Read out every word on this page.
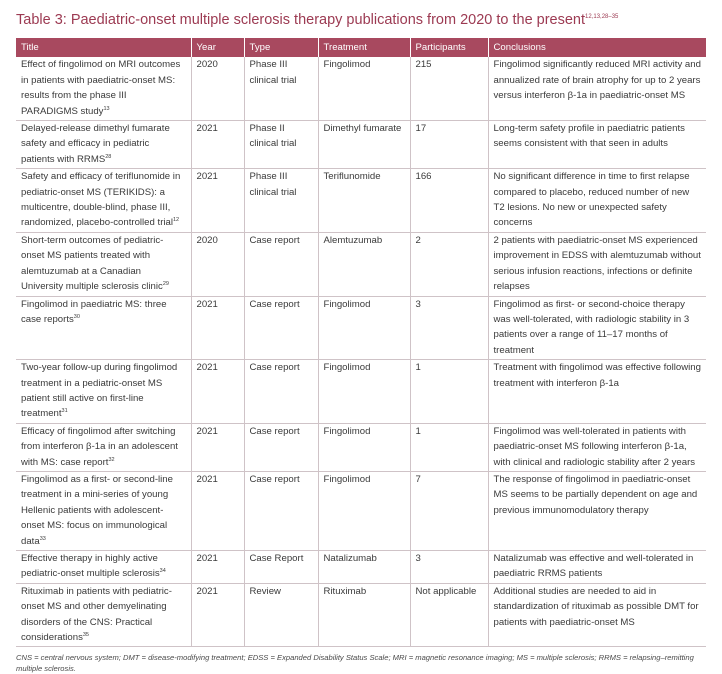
Table 3: Paediatric-onset multiple sclerosis therapy publications from 2020 to the present$^{12,13,28-35}$
Title	Year	Type	Treatment	Participants	Conclusions
Effect of fingolimod on MRI outcomes in patients with paediatric-onset MS: results from the phase III PARADIGMS study$^{13}$	2020	Phase III clinical trial	Fingolimod	215	Fingolimod significantly reduced MRI activity and annualized rate of brain atrophy for up to 2 years versus interferon β-1a in paediatric-onset MS
Delayed-release dimethyl fumarate safety and efficacy in pediatric patients with RRMS$^{28}$	2021	Phase II clinical trial	Dimethyl fumarate	17	Long-term safety profile in paediatric patients seems consistent with that seen in adults
Safety and efficacy of teriflunomide in pediatric-onset MS (TERIKIDS): a multicentre, double-blind, phase III, randomized, placebo-controlled trial$^{12}$	2021	Phase III clinical trial	Teriflunomide	166	No significant difference in time to first relapse compared to placebo, reduced number of new T2 lesions. No new or unexpected safety concerns
Short-term outcomes of pediatric-onset MS patients treated with alemtuzumab at a Canadian University multiple sclerosis clinic$^{29}$	2020	Case report	Alemtuzumab	2	2 patients with paediatric-onset MS experienced improvement in EDSS with alemtuzumab without serious infusion reactions, infections or definite relapses
Fingolimod in paediatric MS: three case reports$^{30}$	2021	Case report	Fingolimod	3	Fingolimod as first- or second-choice therapy was well-tolerated, with radiologic stability in 3 patients over a range of 11–17 months of treatment
Two-year follow-up during fingolimod treatment in a pediatric-onset MS patient still active on first-line treatment$^{31}$	2021	Case report	Fingolimod	1	Treatment with fingolimod was effective following treatment with interferon β-1a
Efficacy of fingolimod after switching from interferon β-1a in an adolescent with MS: case report$^{32}$	2021	Case report	Fingolimod	1	Fingolimod was well-tolerated in patients with paediatric-onset MS following interferon β-1a, with clinical and radiologic stability after 2 years
Fingolimod as a first- or second-line treatment in a mini-series of young Hellenic patients with adolescent-onset MS: focus on immunological data$^{33}$	2021	Case report	Fingolimod	7	The response of fingolimod in paediatric-onset MS seems to be partially dependent on age and previous immunomodulatory therapy
Effective therapy in highly active pediatric-onset multiple sclerosis$^{34}$	2021	Case Report	Natalizumab	3	Natalizumab was effective and well-tolerated in paediatric RRMS patients
Rituximab in patients with pediatric-onset MS and other demyelinating disorders of the CNS: Practical considerations$^{35}$	2021	Review	Rituximab	Not applicable	Additional studies are needed to aid in standardization of rituximab as possible DMT for patients with paediatric-onset MS
CNS = central nervous system; DMT = disease-modifying treatment; EDSS = Expanded Disability Status Scale; MRI = magnetic resonance imaging; MS = multiple sclerosis; RRMS = relapsing–remitting multiple sclerosis.
